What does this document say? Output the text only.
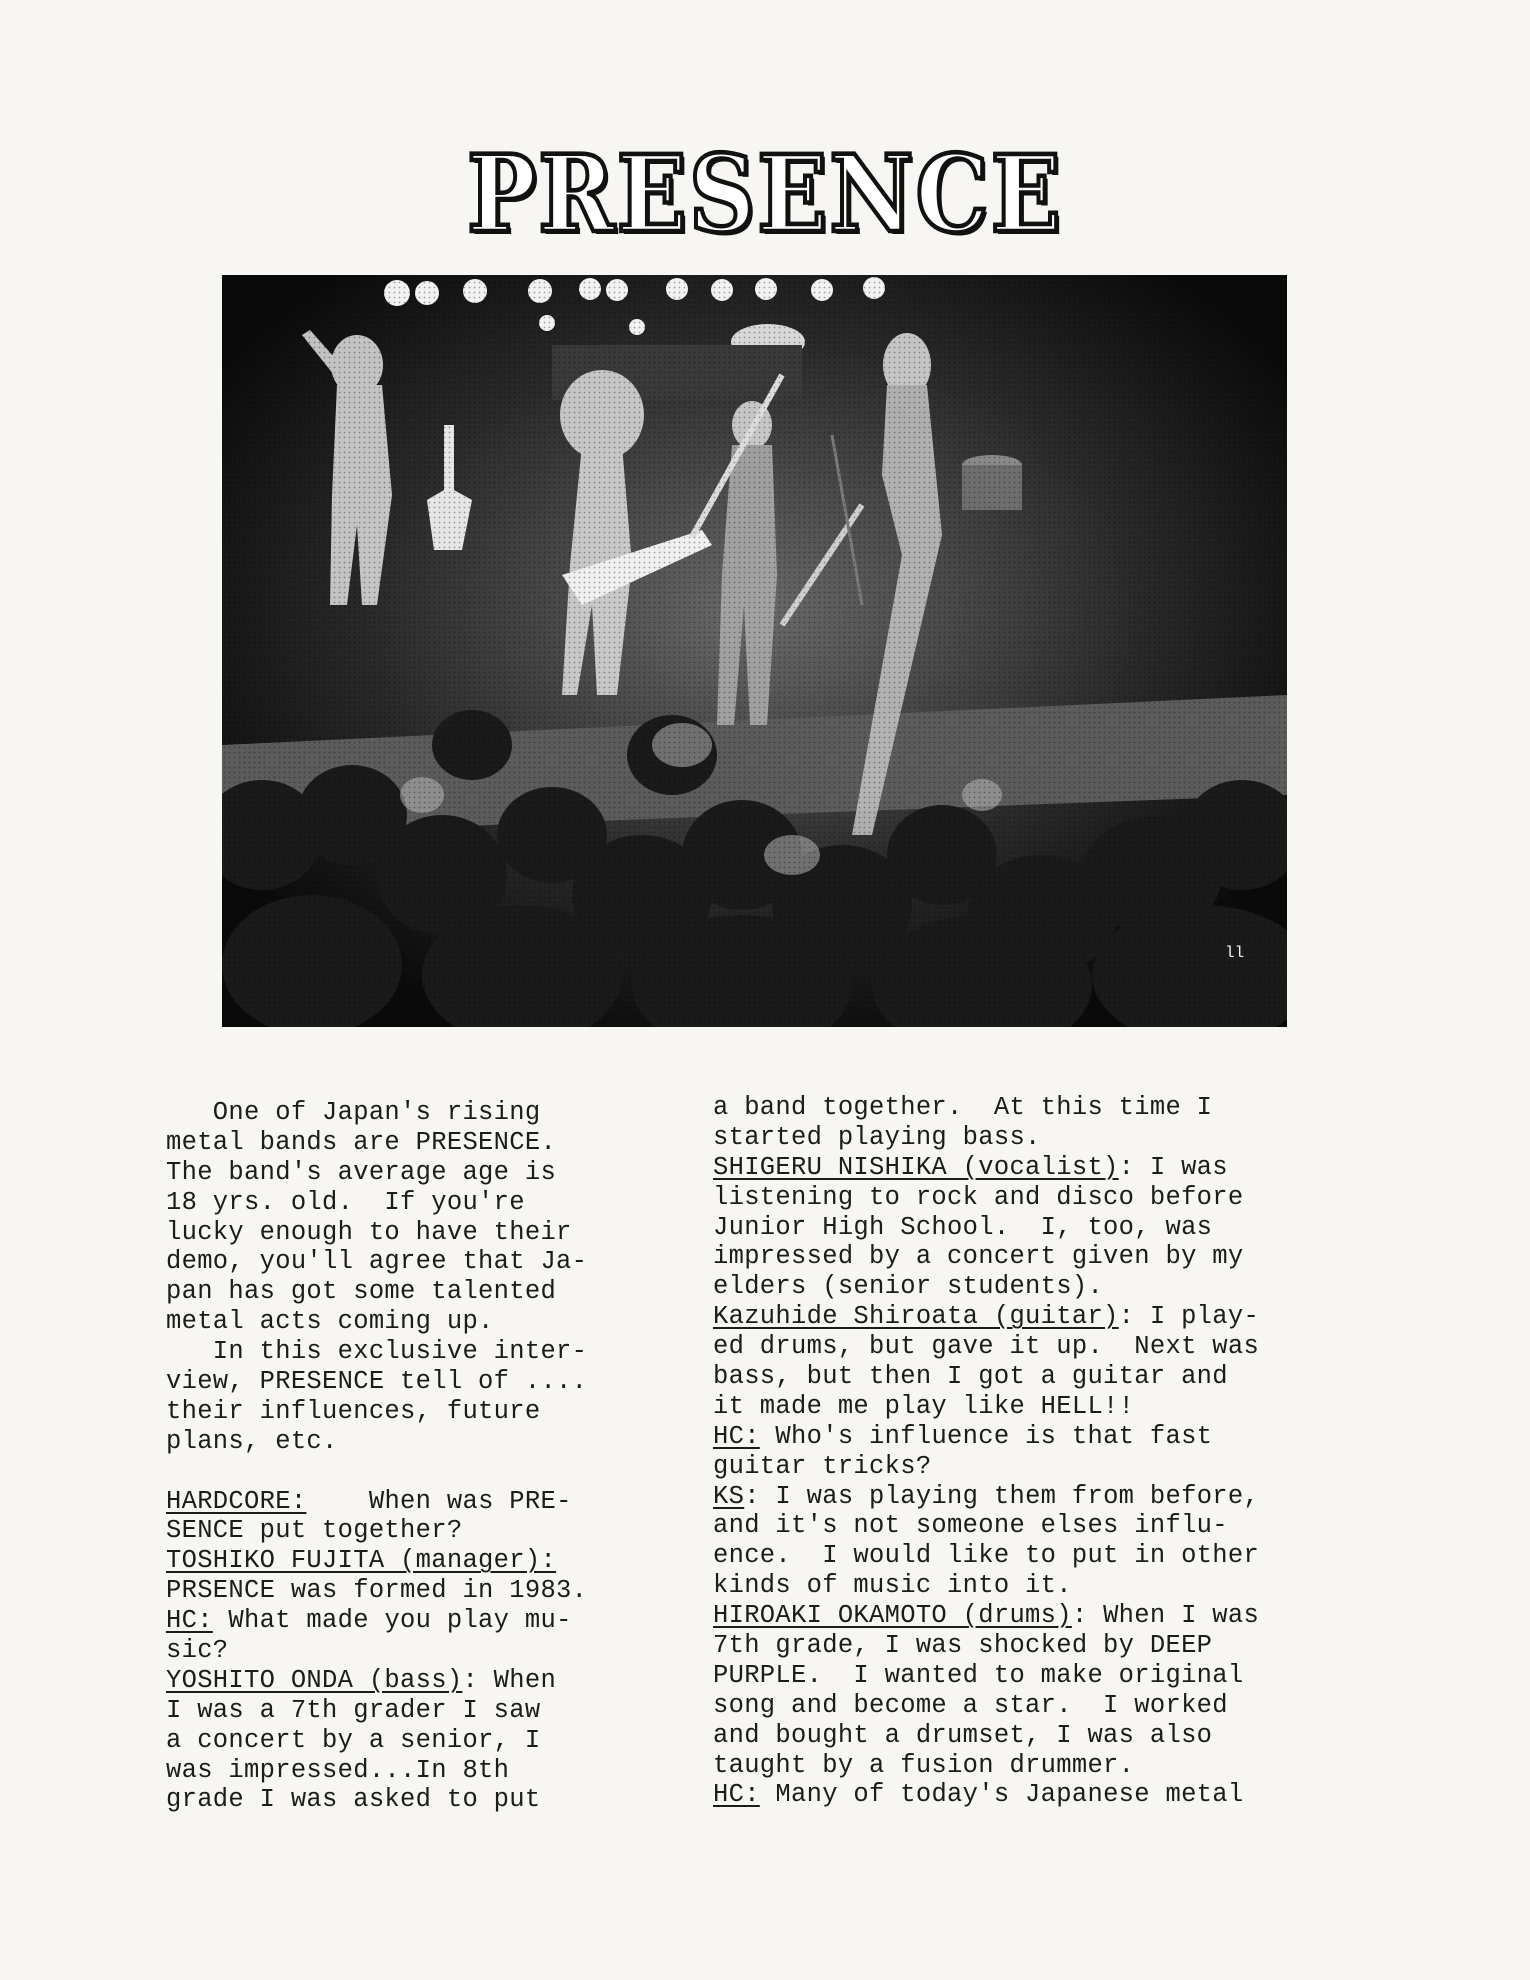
PRESENCE
ll
One of Japan's rising
metal bands are PRESENCE.
The band's average age is
18 yrs. old.  If you're
lucky enough to have their
demo, you'll agree that Ja-
pan has got some talented
metal acts coming up.
In this exclusive inter-
view, PRESENCE tell of ....
their influences, future
plans, etc.
HARDCORE:    When was PRE-
SENCE put together?
TOSHIKO FUJITA (manager):
PRSENCE was formed in 1983.
HC: What made you play mu-
sic?
YOSHITO ONDA (bass): When
I was a 7th grader I saw
a concert by a senior, I
was impressed...In 8th
grade I was asked to put
a band together.  At this time I
started playing bass.
SHIGERU NISHIKA (vocalist): I was
listening to rock and disco before
Junior High School.  I, too, was
impressed by a concert given by my
elders (senior students).
Kazuhide Shiroata (guitar): I play-
ed drums, but gave it up.  Next was
bass, but then I got a guitar and
it made me play like HELL!!
HC: Who's influence is that fast
guitar tricks?
KS: I was playing them from before,
and it's not someone elses influ-
ence.  I would like to put in other
kinds of music into it.
HIROAKI OKAMOTO (drums): When I was
7th grade, I was shocked by DEEP
PURPLE.  I wanted to make original
song and become a star.  I worked
and bought a drumset, I was also
taught by a fusion drummer.
HC: Many of today's Japanese metal
